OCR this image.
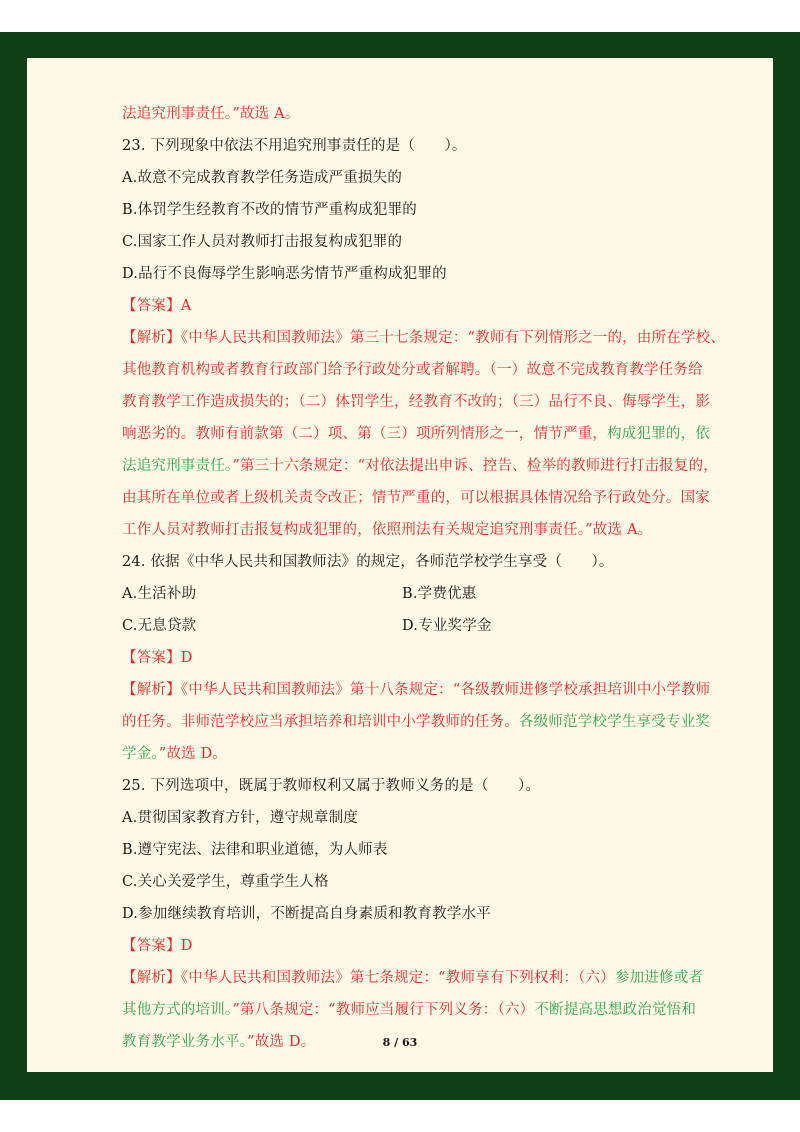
法追究刑事责任。”故选 A。
23. 下列现象中依法不用追究刑事责任的是（　　）。
A.故意不完成教育教学任务造成严重损失的
B.体罚学生经教育不改的情节严重构成犯罪的
C.国家工作人员对教师打击报复构成犯罪的
D.品行不良侮辱学生影响恶劣情节严重构成犯罪的
【答案】A
【解析】《中华人民共和国教师法》第三十七条规定：“教师有下列情形之一的，由所在学校、
其他教育机构或者教育行政部门给予行政处分或者解聘。（一）故意不完成教育教学任务给
教育教学工作造成损失的；（二）体罚学生，经教育不改的；（三）品行不良、侮辱学生，影
响恶劣的。教师有前款第（二）项、第（三）项所列情形之一，情节严重，构成犯罪的，依
法追究刑事责任。”第三十六条规定：“对依法提出申诉、控告、检举的教师进行打击报复的，
由其所在单位或者上级机关责令改正；情节严重的，可以根据具体情况给予行政处分。国家
工作人员对教师打击报复构成犯罪的，依照刑法有关规定追究刑事责任。”故选 A。
24. 依据《中华人民共和国教师法》的规定，各师范学校学生享受（　　）。
A.生活补助	B.学费优惠
C.无息贷款	D.专业奖学金
【答案】D
【解析】《中华人民共和国教师法》第十八条规定：“各级教师进修学校承担培训中小学教师
的任务。非师范学校应当承担培养和培训中小学教师的任务。各级师范学校学生享受专业奖
学金。”故选 D。
25. 下列选项中，既属于教师权利又属于教师义务的是（　　）。
A.贯彻国家教育方针，遵守规章制度
B.遵守宪法、法律和职业道德，为人师表
C.关心关爱学生，尊重学生人格
D.参加继续教育培训，不断提高自身素质和教育教学水平
【答案】D
【解析】《中华人民共和国教师法》第七条规定：“教师享有下列权利：（六）参加进修或者
其他方式的培训。”第八条规定：“教师应当履行下列义务：（六）不断提高思想政治觉悟和
教育教学业务水平。”故选 D。	8 / 63
